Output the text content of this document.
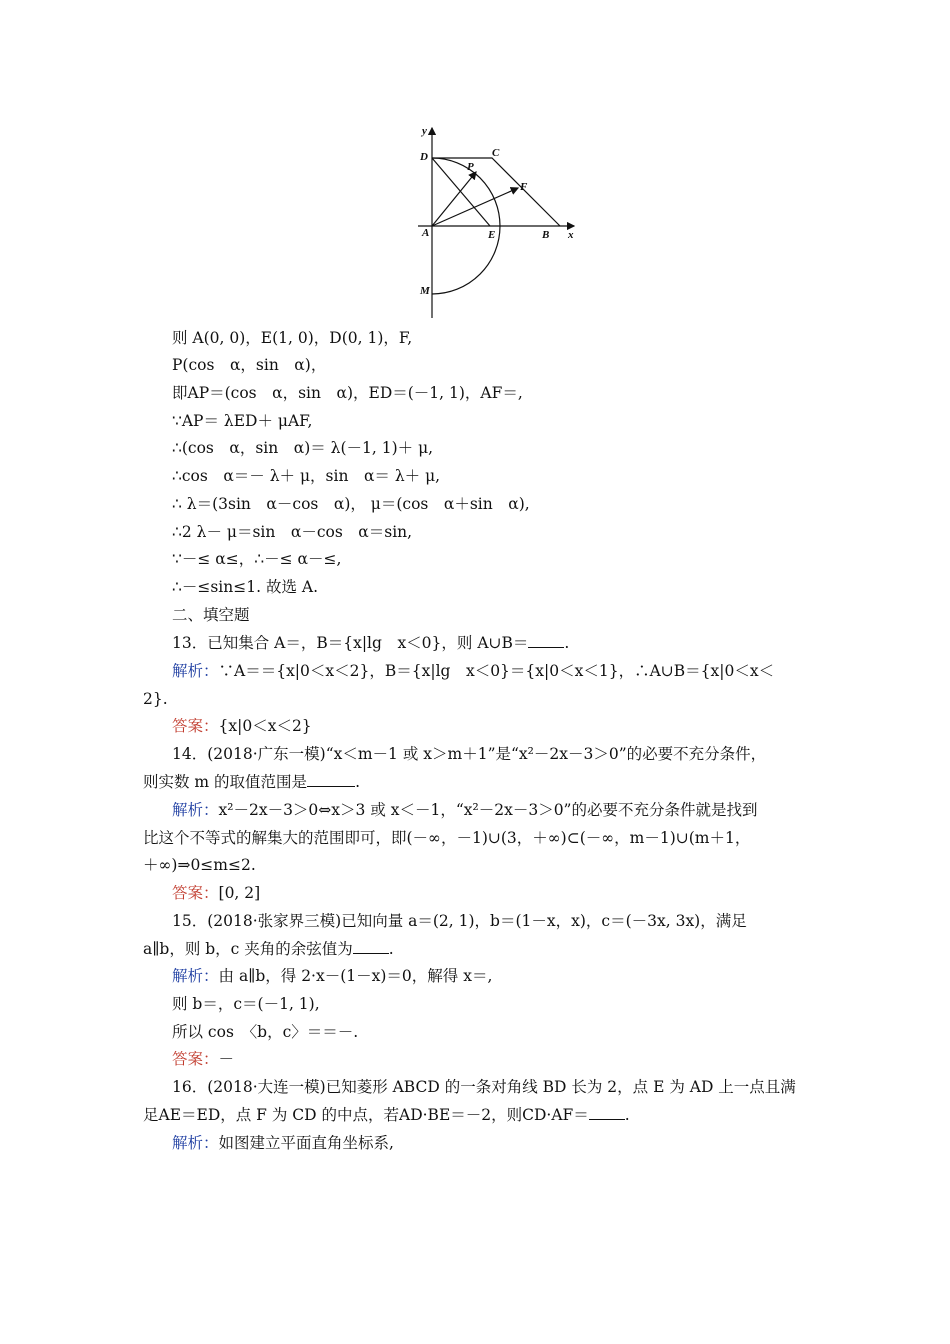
y
x
D	C
P
F
A	E	B
M
则 A(0, 0)，E(1, 0)，D(0, 1)，F,
P(cos　α，sin　α)，
即AP＝(cos　α，sin　α)，ED＝(－1, 1)，AF＝,
∵AP＝ λED＋ μAF,
∴(cos　α，sin　α)＝ λ(－1, 1)＋ μ,
∴cos　α＝－ λ＋ μ，sin　α＝ λ＋ μ,
∴ λ＝(3sin　α－cos　α)， μ＝(cos　α＋sin　α),
∴2 λ－ μ＝sin　α－cos　α＝sin,
∵－≤ α≤，∴－≤ α－≤,
∴－≤sin≤1. 故选 A.
二、填空题
13．已知集合 A＝，B＝{x|lg　x＜0}，则 A∪B＝ .
解析：∵A＝＝{x|0＜x＜2}，B＝{x|lg　x＜0}＝{x|0＜x＜1}，∴A∪B＝{x|0＜x＜
2}.
答案：{x|0＜x＜2}
14．(2018·广东一模)“x＜m－1 或 x＞m＋1”是“x²－2x－3＞0”的必要不充分条件，
则实数 m 的取值范围是	.
解析：x²－2x－3＞0⇔x＞3 或 x＜－1，“x²－2x－3＞0”的必要不充分条件就是找到
比这个不等式的解集大的范围即可，即(－∞，－1)∪(3，＋∞)⊂(－∞，m－1)∪(m＋1，
＋∞)⇒0≤m≤2.
答案：[0, 2]
15．(2018·张家界三模)已知向量 a＝(2, 1)，b＝(1－x，x)，c＝(－3x, 3x)，满足
a∥b，则 b，c 夹角的余弦值为 .
解析：由 a∥b，得 2·x－(1－x)＝0，解得 x＝,
则 b＝，c＝(－1, 1),
所以 cos　〈b，c〉＝＝－.
答案：－
16．(2018·大连一模)已知菱形 ABCD 的一条对角线 BD 长为 2，点 E 为 AD 上一点且满
足AE＝ED，点 F 为 CD 的中点，若AD·BE＝－2，则CD·AF＝ .
解析：如图建立平面直角坐标系,
